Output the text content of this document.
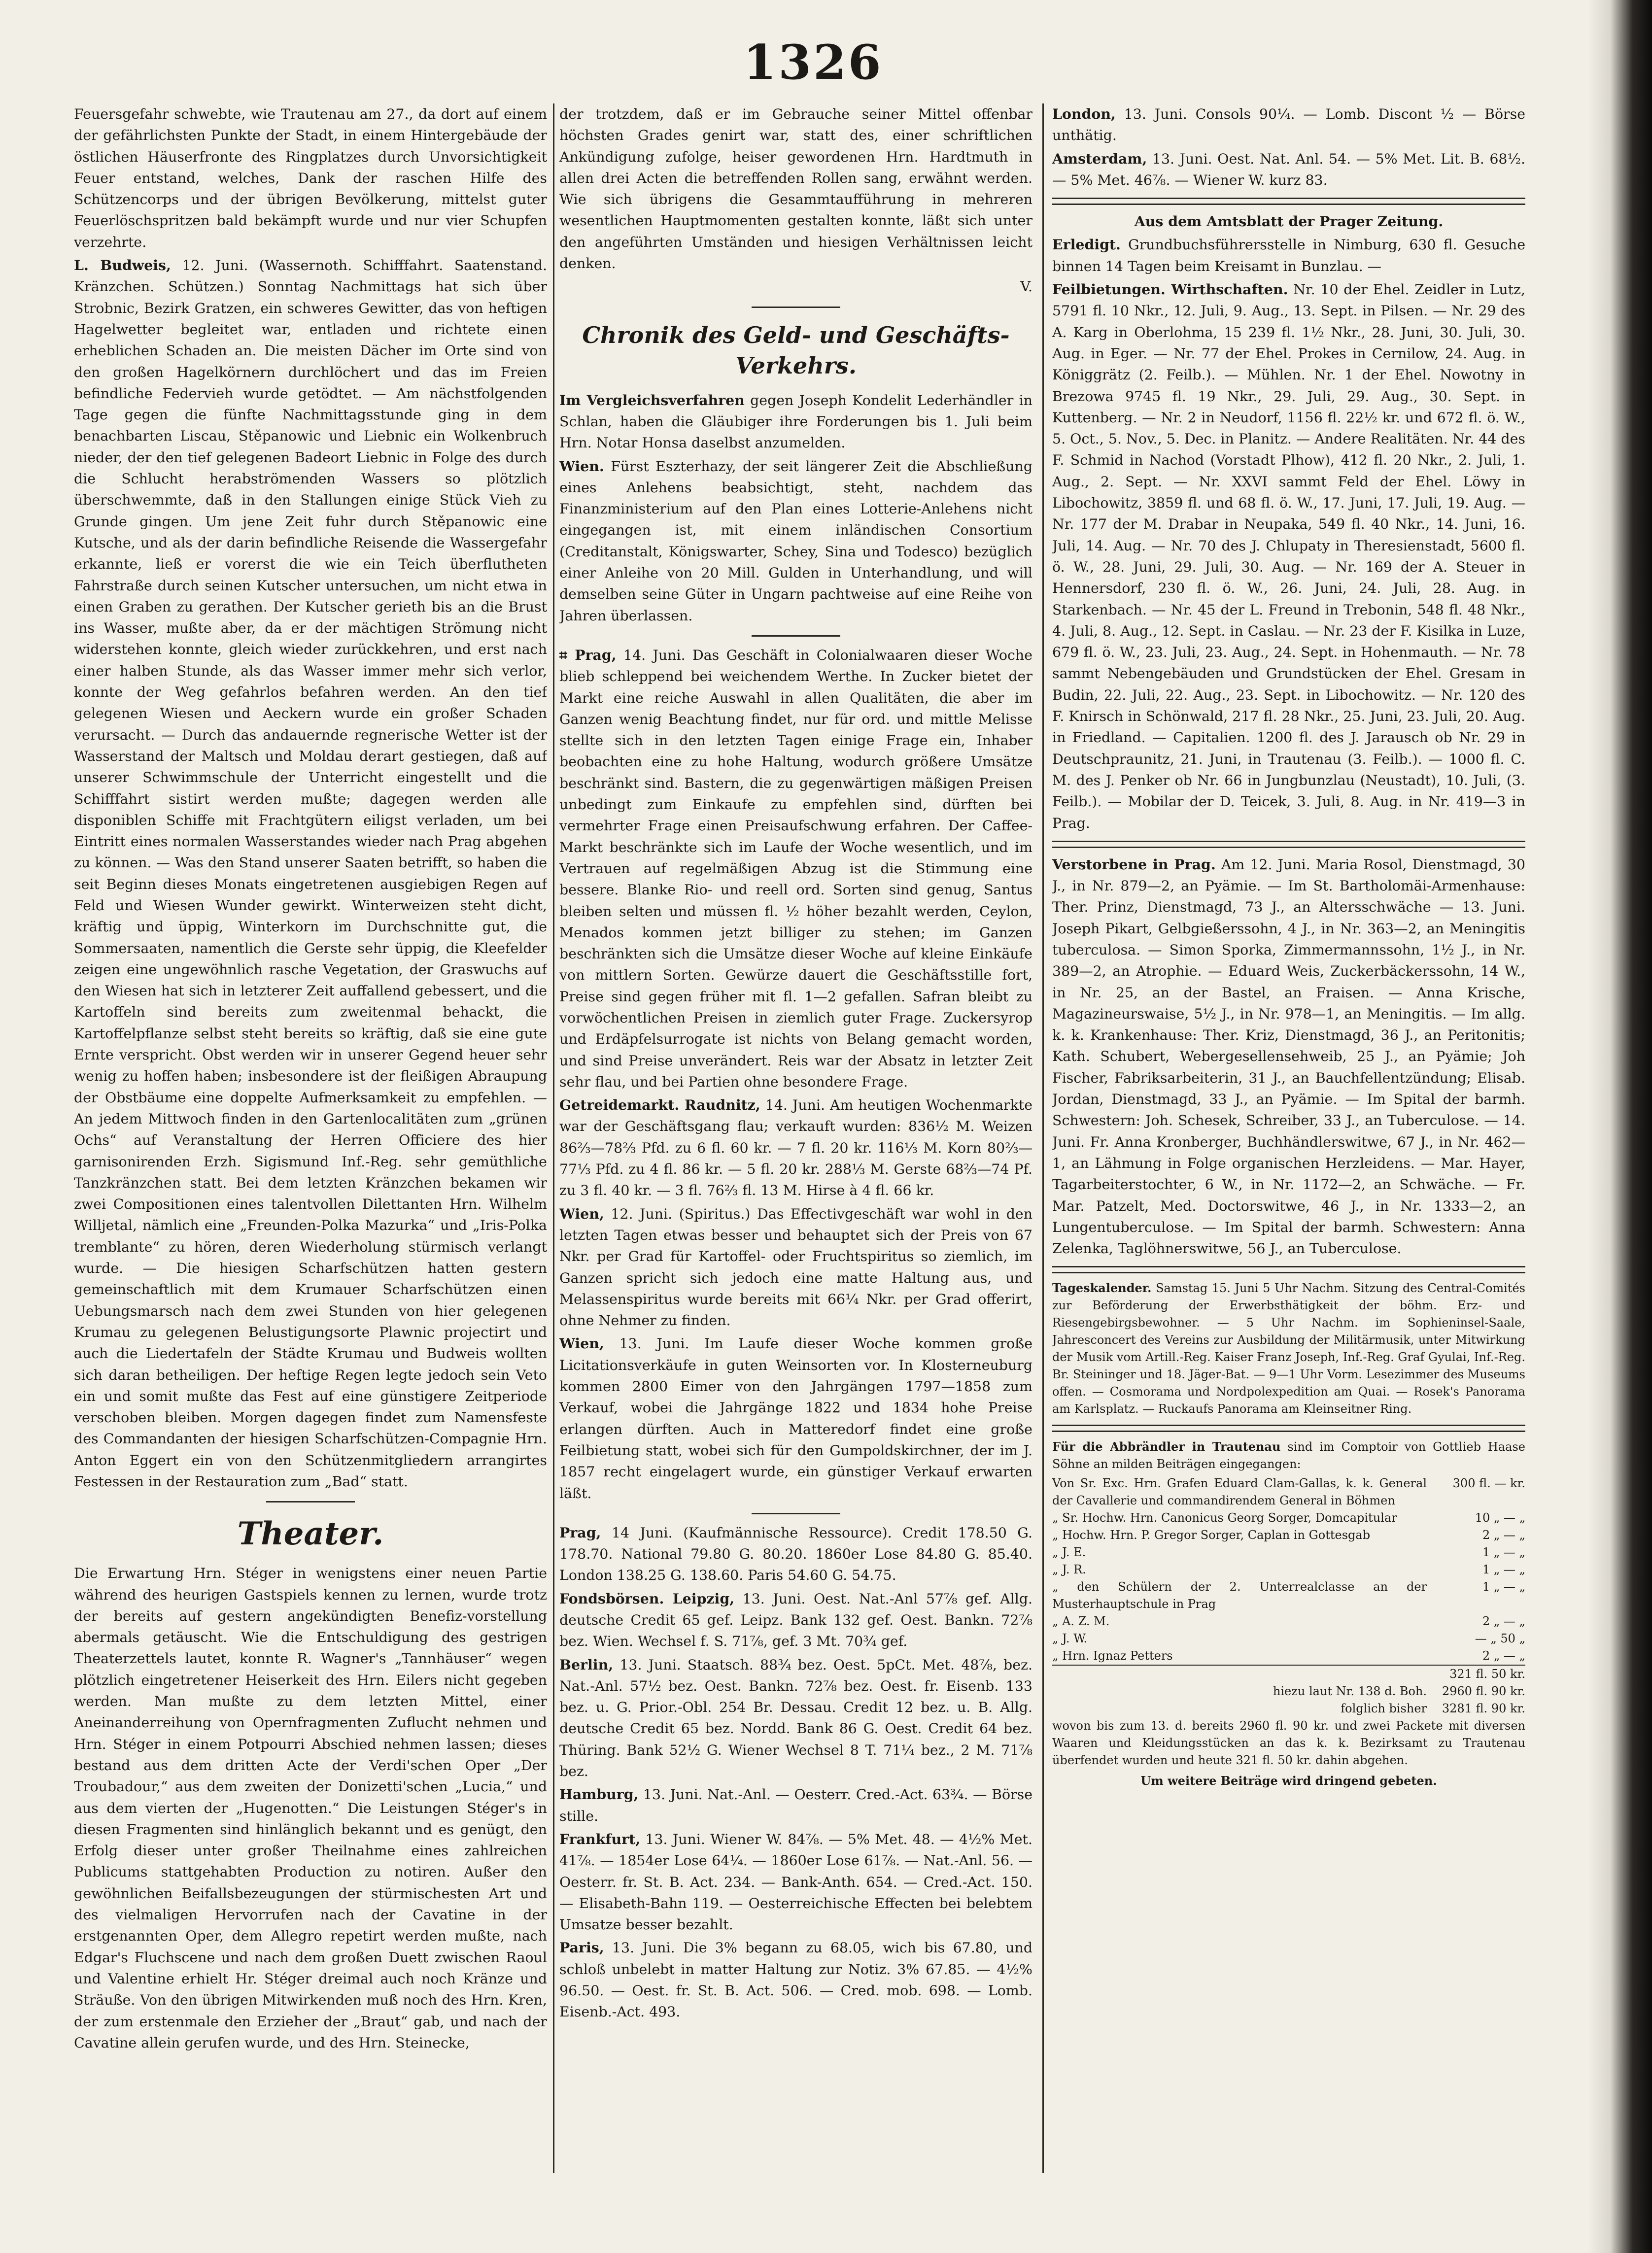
1326

Feuersgefahr schwebte, wie Trautenau am 27., da dort auf einem der gefährlichsten Punkte der Stadt, in einem Hintergebäude der östlichen Häuserfronte des Ringplatzes durch Unvorsichtigkeit Feuer entstand, welches, Dank der raschen Hilfe des Schützencorps und der übrigen Bevölkerung, mittelst guter Feuerlöschspritzen bald bekämpft wurde und nur vier Schupfen verzehrte.

L. Budweis, 12. Juni. (Wassernoth. Schifffahrt. Saatenstand. Kränzchen. Schützen.) Sonntag Nachmittags hat sich über Strobnic, Bezirk Gratzen, ein schweres Gewitter, das von heftigen Hagelwetter begleitet war, entladen und richtete einen erheblichen Schaden an. Die meisten Dächer im Orte sind von den großen Hagelkörnern durchlöchert und das im Freien befindliche Federvieh wurde getödtet. — Am nächstfolgenden Tage gegen die fünfte Nachmittagsstunde ging in dem benachbarten Liscau, Stěpanowic und Liebnic ein Wolkenbruch nieder, der den tief gelegenen Badeort Liebnic in Folge des durch die Schlucht herabströmenden Wassers so plötzlich überschwemmte, daß in den Stallungen einige Stück Vieh zu Grunde gingen. Um jene Zeit fuhr durch Stěpanowic eine Kutsche, und als der darin befindliche Reisende die Wassergefahr erkannte, ließ er vorerst die wie ein Teich überflutheten Fahrstraße durch seinen Kutscher untersuchen, um nicht etwa in einen Graben zu gerathen. Der Kutscher gerieth bis an die Brust ins Wasser, mußte aber, da er der mächtigen Strömung nicht widerstehen konnte, gleich wieder zurückkehren, und erst nach einer halben Stunde, als das Wasser immer mehr sich verlor, konnte der Weg gefahrlos befahren werden. An den tief gelegenen Wiesen und Aeckern wurde ein großer Schaden verursacht. — Durch das andauernde regnerische Wetter ist der Wasserstand der Maltsch und Moldau derart gestiegen, daß auf unserer Schwimmschule der Unterricht eingestellt und die Schifffahrt sistirt werden mußte; dagegen werden alle disponiblen Schiffe mit Frachtgütern eiligst verladen, um bei Eintritt eines normalen Wasserstandes wieder nach Prag abgehen zu können. — Was den Stand unserer Saaten betrifft, so haben die seit Beginn dieses Monats eingetretenen ausgiebigen Regen auf Feld und Wiesen Wunder gewirkt. Winterweizen steht dicht, kräftig und üppig, Winterkorn im Durchschnitte gut, die Sommersaaten, namentlich die Gerste sehr üppig, die Kleefelder zeigen eine ungewöhnlich rasche Vegetation, der Graswuchs auf den Wiesen hat sich in letzterer Zeit auffallend gebessert, und die Kartoffeln sind bereits zum zweitenmal behackt, die Kartoffelpflanze selbst steht bereits so kräftig, daß sie eine gute Ernte verspricht. Obst werden wir in unserer Gegend heuer sehr wenig zu hoffen haben; insbesondere ist der fleißigen Abraupung der Obstbäume eine doppelte Aufmerksamkeit zu empfehlen. — An jedem Mittwoch finden in den Gartenlocalitäten zum „grünen Ochs“ auf Veranstaltung der Herren Officiere des hier garnisonirenden Erzh. Sigismund Inf.-Reg. sehr gemüthliche Tanzkränzchen statt. Bei dem letzten Kränzchen bekamen wir zwei Compositionen eines talentvollen Dilettanten Hrn. Wilhelm Willjetal, nämlich eine „Freunden-Polka Mazurka“ und „Iris-Polka tremblante“ zu hören, deren Wiederholung stürmisch verlangt wurde. — Die hiesigen Scharfschützen hatten gestern gemeinschaftlich mit dem Krumauer Scharfschützen einen Uebungsmarsch nach dem zwei Stunden von hier gelegenen Krumau zu gelegenen Belustigungsorte Plawnic projectirt und auch die Liedertafeln der Städte Krumau und Budweis wollten sich daran betheiligen. Der heftige Regen legte jedoch sein Veto ein und somit mußte das Fest auf eine günstigere Zeitperiode verschoben bleiben. Morgen dagegen findet zum Namensfeste des Commandanten der hiesigen Scharfschützen-Compagnie Hrn. Anton Eggert ein von den Schützenmitgliedern arrangirtes Festessen in der Restauration zum „Bad“ statt.

Theater.

Die Erwartung Hrn. Stéger in wenigstens einer neuen Partie während des heurigen Gastspiels kennen zu lernen, wurde trotz der bereits auf gestern angekündigten Benefiz-vorstellung abermals getäuscht. Wie die Entschuldigung des gestrigen Theaterzettels lautet, konnte R. Wagner's „Tannhäuser“ wegen plötzlich eingetretener Heiserkeit des Hrn. Eilers nicht gegeben werden. Man mußte zu dem letzten Mittel, einer Aneinanderreihung von Opernfragmenten Zuflucht nehmen und Hrn. Stéger in einem Potpourri Abschied nehmen lassen; dieses bestand aus dem dritten Acte der Verdi'schen Oper „Der Troubadour,“ aus dem zweiten der Donizetti'schen „Lucia,“ und aus dem vierten der „Hugenotten.“ Die Leistungen Stéger's in diesen Fragmenten sind hinlänglich bekannt und es genügt, den Erfolg dieser unter großer Theilnahme eines zahlreichen Publicums stattgehabten Production zu notiren. Außer den gewöhnlichen Beifallsbezeugungen der stürmischesten Art und des vielmaligen Hervorrufen nach der Cavatine in der erstgenannten Oper, dem Allegro repetirt werden mußte, nach Edgar's Fluchscene und nach dem großen Duett zwischen Raoul und Valentine erhielt Hr. Stéger dreimal auch noch Kränze und Sträuße. Von den übrigen Mitwirkenden muß noch des Hrn. Kren, der zum erstenmale den Erzieher der „Braut“ gab, und nach der Cavatine allein gerufen wurde, und des Hrn. Steinecke,

der trotzdem, daß er im Gebrauche seiner Mittel offenbar höchsten Grades genirt war, statt des, einer schriftlichen Ankündigung zufolge, heiser gewordenen Hrn. Hardtmuth in allen drei Acten die betreffenden Rollen sang, erwähnt werden. Wie sich übrigens die Gesammtaufführung in mehreren wesentlichen Hauptmomenten gestalten konnte, läßt sich unter den angeführten Umständen und hiesigen Verhältnissen leicht denken.

V.

Chronik des Geld- und Geschäfts-Verkehrs.

Im Vergleichsverfahren gegen Joseph Kondelit Lederhändler in Schlan, haben die Gläubiger ihre Forderungen bis 1. Juli beim Hrn. Notar Honsa daselbst anzumelden.

Wien. Fürst Eszterhazy, der seit längerer Zeit die Abschließung eines Anlehens beabsichtigt, steht, nachdem das Finanzministerium auf den Plan eines Lotterie-Anlehens nicht eingegangen ist, mit einem inländischen Consortium (Creditanstalt, Königswarter, Schey, Sina und Todesco) bezüglich einer Anleihe von 20 Mill. Gulden in Unterhandlung, und will demselben seine Güter in Ungarn pachtweise auf eine Reihe von Jahren überlassen.

⌗ Prag, 14. Juni. Das Geschäft in Colonialwaaren dieser Woche blieb schleppend bei weichendem Werthe. In Zucker bietet der Markt eine reiche Auswahl in allen Qualitäten, die aber im Ganzen wenig Beachtung findet, nur für ord. und mittle Melisse stellte sich in den letzten Tagen einige Frage ein, Inhaber beobachten eine zu hohe Haltung, wodurch größere Umsätze beschränkt sind. Bastern, die zu gegenwärtigen mäßigen Preisen unbedingt zum Einkaufe zu empfehlen sind, dürften bei vermehrter Frage einen Preisaufschwung erfahren. Der Caffee-Markt beschränkte sich im Laufe der Woche wesentlich, und im Vertrauen auf regelmäßigen Abzug ist die Stimmung eine bessere. Blanke Rio- und reell ord. Sorten sind genug, Santus bleiben selten und müssen fl. ½ höher bezahlt werden, Ceylon, Menados kommen jetzt billiger zu stehen; im Ganzen beschränkten sich die Umsätze dieser Woche auf kleine Einkäufe von mittlern Sorten. Gewürze dauert die Geschäftsstille fort, Preise sind gegen früher mit fl. 1—2 gefallen. Safran bleibt zu vorwöchentlichen Preisen in ziemlich guter Frage. Zuckersyrop und Erdäpfelsurrogate ist nichts von Belang gemacht worden, und sind Preise unverändert. Reis war der Absatz in letzter Zeit sehr flau, und bei Partien ohne besondere Frage.

Getreidemarkt. Raudnitz, 14. Juni. Am heutigen Wochenmarkte war der Geschäftsgang flau; verkauft wurden: 836½ M. Weizen 86⅔—78⅔ Pfd. zu 6 fl. 60 kr. — 7 fl. 20 kr. 116⅓ M. Korn 80⅔—77⅓ Pfd. zu 4 fl. 86 kr. — 5 fl. 20 kr. 288⅓ M. Gerste 68⅔—74 Pf. zu 3 fl. 40 kr. — 3 fl. 76⅔ fl. 13 M. Hirse à 4 fl. 66 kr.

Wien, 12. Juni. (Spiritus.) Das Effectivgeschäft war wohl in den letzten Tagen etwas besser und behauptet sich der Preis von 67 Nkr. per Grad für Kartoffel- oder Fruchtspiritus so ziemlich, im Ganzen spricht sich jedoch eine matte Haltung aus, und Melassenspiritus wurde bereits mit 66¼ Nkr. per Grad offerirt, ohne Nehmer zu finden.

Wien, 13. Juni. Im Laufe dieser Woche kommen große Licitationsverkäufe in guten Weinsorten vor. In Klosterneuburg kommen 2800 Eimer von den Jahrgängen 1797—1858 zum Verkauf, wobei die Jahrgänge 1822 und 1834 hohe Preise erlangen dürften. Auch in Matteredorf findet eine große Feilbietung statt, wobei sich für den Gumpoldskirchner, der im J. 1857 recht eingelagert wurde, ein günstiger Verkauf erwarten läßt.

Prag, 14 Juni. (Kaufmännische Ressource). Credit 178.50 G. 178.70. National 79.80 G. 80.20. 1860er Lose 84.80 G. 85.40. London 138.25 G. 138.60. Paris 54.60 G. 54.75.

Fondsbörsen. Leipzig, 13. Juni. Oest. Nat.-Anl 57⅞ gef. Allg. deutsche Credit 65 gef. Leipz. Bank 132 gef. Oest. Bankn. 72⅞ bez. Wien. Wechsel f. S. 71⅞, gef. 3 Mt. 70¾ gef.

Berlin, 13. Juni. Staatsch. 88¾ bez. Oest. 5pCt. Met. 48⅞, bez. Nat.-Anl. 57½ bez. Oest. Bankn. 72⅞ bez. Oest. fr. Eisenb. 133 bez. u. G. Prior.-Obl. 254 Br. Dessau. Credit 12 bez. u. B. Allg. deutsche Credit 65 bez. Nordd. Bank 86 G. Oest. Credit 64 bez. Thüring. Bank 52½ G. Wiener Wechsel 8 T. 71¼ bez., 2 M. 71⅞ bez.

Hamburg, 13. Juni. Nat.-Anl. — Oesterr. Cred.-Act. 63¾. — Börse stille.

Frankfurt, 13. Juni. Wiener W. 84⅞. — 5% Met. 48. — 4½% Met. 41⅞. — 1854er Lose 64¼. — 1860er Lose 61⅞. — Nat.-Anl. 56. — Oesterr. fr. St. B. Act. 234. — Bank-Anth. 654. — Cred.-Act. 150. — Elisabeth-Bahn 119. — Oesterreichische Effecten bei belebtem Umsatze besser bezahlt.

Paris, 13. Juni. Die 3% begann zu 68.05, wich bis 67.80, und schloß unbelebt in matter Haltung zur Notiz. 3% 67.85. — 4½% 96.50. — Oest. fr. St. B. Act. 506. — Cred. mob. 698. — Lomb. Eisenb.-Act. 493.

London, 13. Juni. Consols 90¼. — Lomb. Discont ½ — Börse unthätig.

Amsterdam, 13. Juni. Oest. Nat. Anl. 54. — 5% Met. Lit. B. 68½. — 5% Met. 46⅞. — Wiener W. kurz 83.

Aus dem Amtsblatt der Prager Zeitung.

Erledigt. Grundbuchsführersstelle in Nimburg, 630 fl. Gesuche binnen 14 Tagen beim Kreisamt in Bunzlau. —

Feilbietungen. Wirthschaften. Nr. 10 der Ehel. Zeidler in Lutz, 5791 fl. 10 Nkr., 12. Juli, 9. Aug., 13. Sept. in Pilsen. — Nr. 29 des A. Karg in Oberlohma, 15 239 fl. 1½ Nkr., 28. Juni, 30. Juli, 30. Aug. in Eger. — Nr. 77 der Ehel. Prokes in Cernilow, 24. Aug. in Königgrätz (2. Feilb.). — Mühlen. Nr. 1 der Ehel. Nowotny in Brezowa 9745 fl. 19 Nkr., 29. Juli, 29. Aug., 30. Sept. in Kuttenberg. — Nr. 2 in Neudorf, 1156 fl. 22½ kr. und 672 fl. ö. W., 5. Oct., 5. Nov., 5. Dec. in Planitz. — Andere Realitäten. Nr. 44 des F. Schmid in Nachod (Vorstadt Plhow), 412 fl. 20 Nkr., 2. Juli, 1. Aug., 2. Sept. — Nr. XXVI sammt Feld der Ehel. Löwy in Libochowitz, 3859 fl. und 68 fl. ö. W., 17. Juni, 17. Juli, 19. Aug. — Nr. 177 der M. Drabar in Neupaka, 549 fl. 40 Nkr., 14. Juni, 16. Juli, 14. Aug. — Nr. 70 des J. Chlupaty in Theresienstadt, 5600 fl. ö. W., 28. Juni, 29. Juli, 30. Aug. — Nr. 169 der A. Steuer in Hennersdorf, 230 fl. ö. W., 26. Juni, 24. Juli, 28. Aug. in Starkenbach. — Nr. 45 der L. Freund in Trebonin, 548 fl. 48 Nkr., 4. Juli, 8. Aug., 12. Sept. in Caslau. — Nr. 23 der F. Kisilka in Luze, 679 fl. ö. W., 23. Juli, 23. Aug., 24. Sept. in Hohenmauth. — Nr. 78 sammt Nebengebäuden und Grundstücken der Ehel. Gresam in Budin, 22. Juli, 22. Aug., 23. Sept. in Libochowitz. — Nr. 120 des F. Knirsch in Schönwald, 217 fl. 28 Nkr., 25. Juni, 23. Juli, 20. Aug. in Friedland. — Capitalien. 1200 fl. des J. Jarausch ob Nr. 29 in Deutschpraunitz, 21. Juni, in Trautenau (3. Feilb.). — 1000 fl. C. M. des J. Penker ob Nr. 66 in Jungbunzlau (Neustadt), 10. Juli, (3. Feilb.). — Mobilar der D. Teicek, 3. Juli, 8. Aug. in Nr. 419—3 in Prag.

Verstorbene in Prag. Am 12. Juni. Maria Rosol, Dienstmagd, 30 J., in Nr. 879—2, an Pyämie. — Im St. Bartholomäi-Armenhause: Ther. Prinz, Dienstmagd, 73 J., an Altersschwäche — 13. Juni. Joseph Pikart, Gelbgießerssohn, 4 J., in Nr. 363—2, an Meningitis tuberculosa. — Simon Sporka, Zimmermannssohn, 1½ J., in Nr. 389—2, an Atrophie. — Eduard Weis, Zuckerbäckerssohn, 14 W., in Nr. 25, an der Bastel, an Fraisen. — Anna Krische, Magazineurswaise, 5½ J., in Nr. 978—1, an Meningitis. — Im allg. k. k. Krankenhause: Ther. Kriz, Dienstmagd, 36 J., an Peritonitis; Kath. Schubert, Webergesellensehweib, 25 J., an Pyämie; Joh Fischer, Fabriksarbeiterin, 31 J., an Bauchfellentzündung; Elisab. Jordan, Dienstmagd, 33 J., an Pyämie. — Im Spital der barmh. Schwestern: Joh. Schesek, Schreiber, 33 J., an Tuberculose. — 14. Juni. Fr. Anna Kronberger, Buchhändlerswitwe, 67 J., in Nr. 462—1, an Lähmung in Folge organischen Herzleidens. — Mar. Hayer, Tagarbeiterstochter, 6 W., in Nr. 1172—2, an Schwäche. — Fr. Mar. Patzelt, Med. Doctorswitwe, 46 J., in Nr. 1333—2, an Lungentuberculose. — Im Spital der barmh. Schwestern: Anna Zelenka, Taglöhnerswitwe, 56 J., an Tuberculose.

Tageskalender. Samstag 15. Juni 5 Uhr Nachm. Sitzung des Central-Comités zur Beförderung der Erwerbsthätigkeit der böhm. Erz- und Riesengebirgsbewohner. — 5 Uhr Nachm. im Sophieninsel-Saale, Jahresconcert des Vereins zur Ausbildung der Militärmusik, unter Mitwirkung der Musik vom Artill.-Reg. Kaiser Franz Joseph, Inf.-Reg. Graf Gyulai, Inf.-Reg. Br. Steininger und 18. Jäger-Bat. — 9—1 Uhr Vorm. Lesezimmer des Museums offen. — Cosmorama und Nordpolexpedition am Quai. — Rosek's Panorama am Karlsplatz. — Ruckaufs Panorama am Kleinseitner Ring.

Für die Abbrändler in Trautenau sind im Comptoir von Gottlieb Haase Söhne an milden Beiträgen eingegangen:

Von Sr. Exc. Hrn. Grafen Eduard Clam-Gallas, k. k. General der Cavallerie und commandirendem General in Böhmen
300 fl. — kr.
„ Sr. Hochw. Hrn. Canonicus Georg Sorger, Domcapitular	10 „ — „
„ Hochw. Hrn. P. Gregor Sorger, Caplan in Gottesgab	2 „ — „
„ J. E.	1 „ — „
„ J. R.	1 „ — „
„ den Schülern der 2. Unterrealclasse an der Musterhauptschule in Prag
1 „ — „
„ A. Z. M.	2 „ — „
„ J. W.	— „ 50 „
„ Hrn. Ignaz Petters	2 „ — „
321 fl. 50 kr.
hiezu laut Nr. 138 d. Boh.	2960 fl. 90 kr.
folglich bisher	3281 fl. 90 kr.

wovon bis zum 13. d. bereits 2960 fl. 90 kr. und zwei Packete mit diversen Waaren und Kleidungsstücken an das k. k. Bezirksamt zu Trautenau überfendet wurden und heute 321 fl. 50 kr. dahin abgehen.

Um weitere Beiträge wird dringend gebeten.
